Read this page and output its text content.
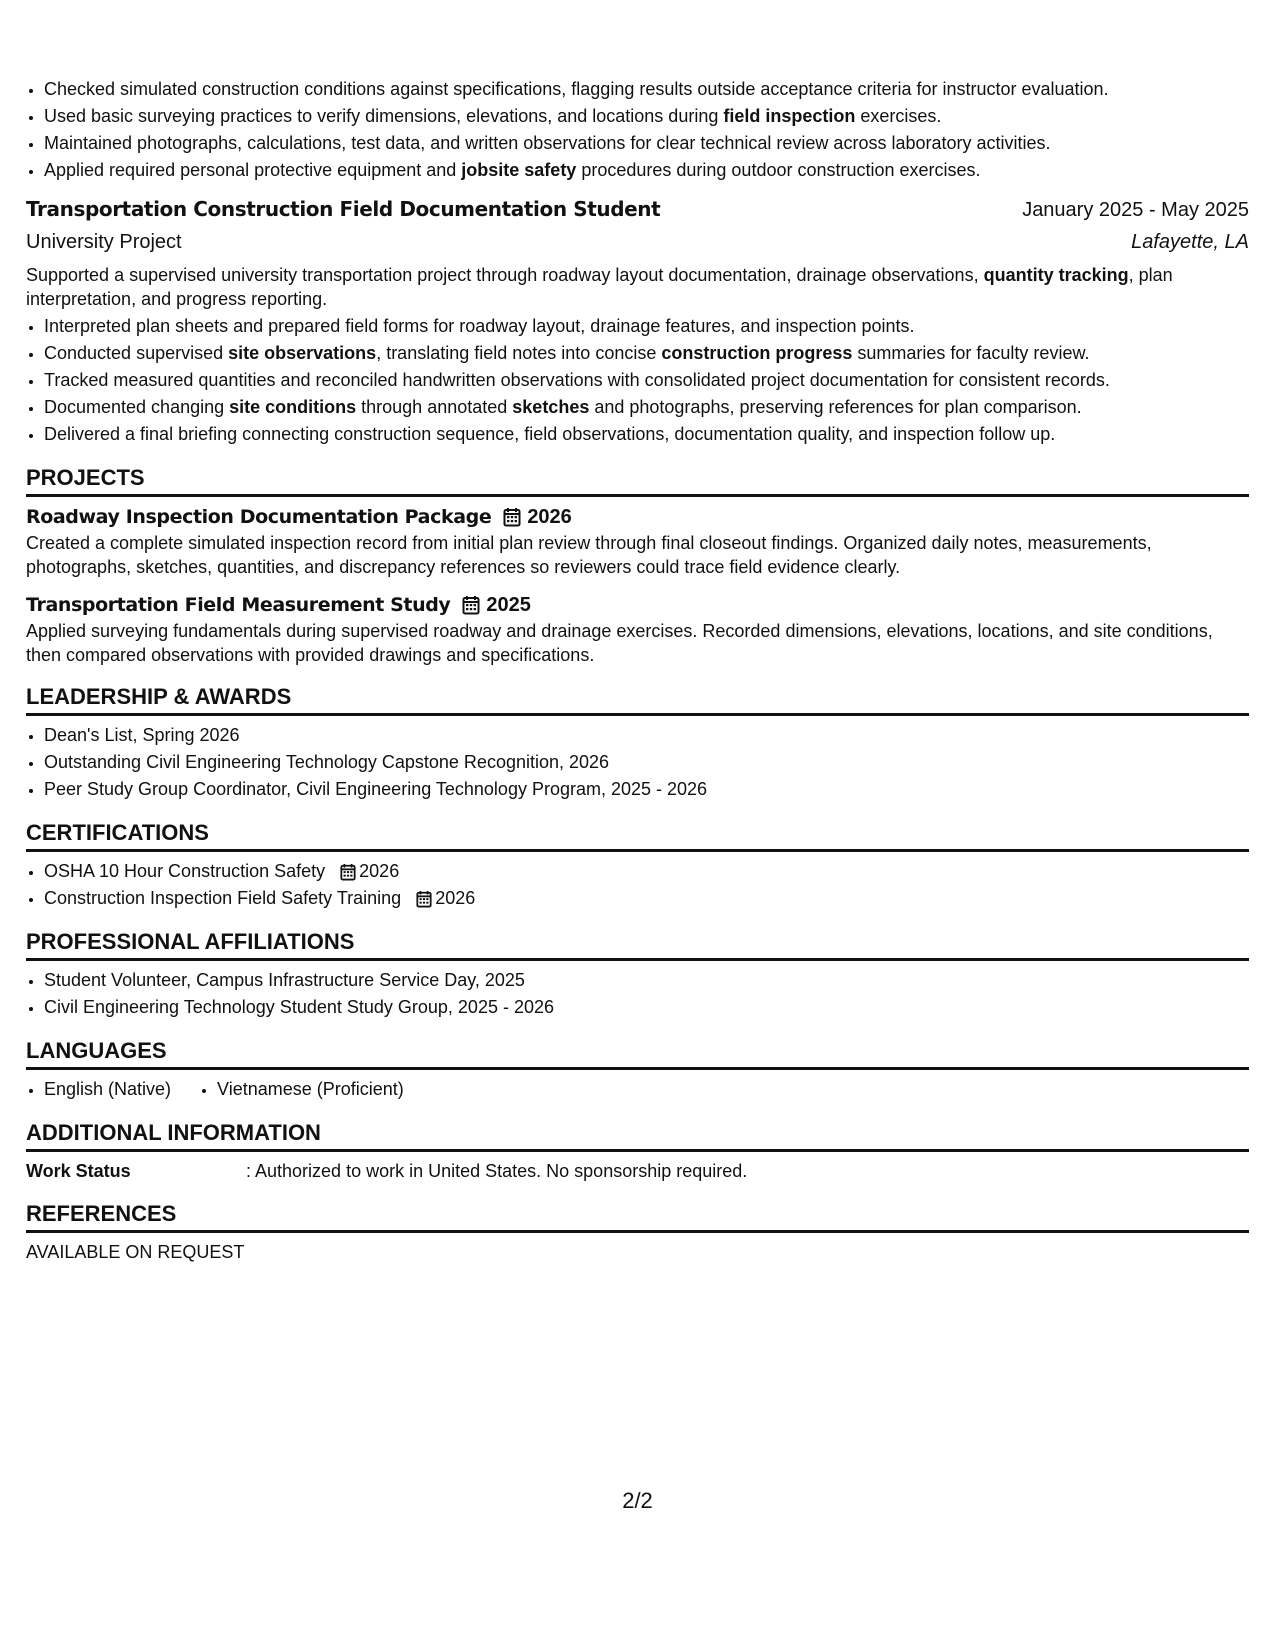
• Checked simulated construction conditions against specifications, flagging results outside acceptance criteria for instructor evaluation.
• Used basic surveying practices to verify dimensions, elevations, and locations during field inspection exercises.
• Maintained photographs, calculations, test data, and written observations for clear technical review across laboratory activities.
• Applied required personal protective equipment and jobsite safety procedures during outdoor construction exercises.
Transportation Construction Field Documentation Student	January 2025 - May 2025
University Project	Lafayette, LA
Supported a supervised university transportation project through roadway layout documentation, drainage observations, quantity tracking, plan interpretation, and progress reporting.
• Interpreted plan sheets and prepared field forms for roadway layout, drainage features, and inspection points.
• Conducted supervised site observations, translating field notes into concise construction progress summaries for faculty review.
• Tracked measured quantities and reconciled handwritten observations with consolidated project documentation for consistent records.
• Documented changing site conditions through annotated sketches and photographs, preserving references for plan comparison.
• Delivered a final briefing connecting construction sequence, field observations, documentation quality, and inspection follow up.
PROJECTS
Roadway Inspection Documentation Package 2026
Created a complete simulated inspection record from initial plan review through final closeout findings. Organized daily notes, measurements, photographs, sketches, quantities, and discrepancy references so reviewers could trace field evidence clearly.
Transportation Field Measurement Study 2025
Applied surveying fundamentals during supervised roadway and drainage exercises. Recorded dimensions, elevations, locations, and site conditions, then compared observations with provided drawings and specifications.
LEADERSHIP & AWARDS
• Dean's List, Spring 2026
• Outstanding Civil Engineering Technology Capstone Recognition, 2026
• Peer Study Group Coordinator, Civil Engineering Technology Program, 2025 - 2026
CERTIFICATIONS
• OSHA 10 Hour Construction Safety 2026
• Construction Inspection Field Safety Training 2026
PROFESSIONAL AFFILIATIONS
• Student Volunteer, Campus Infrastructure Service Day, 2025
• Civil Engineering Technology Student Study Group, 2025 - 2026
LANGUAGES
• English (Native)
•	Vietnamese (Proficient)
ADDITIONAL INFORMATION
Work Status	: Authorized to work in United States. No sponsorship required.
REFERENCES
AVAILABLE ON REQUEST
2/2
